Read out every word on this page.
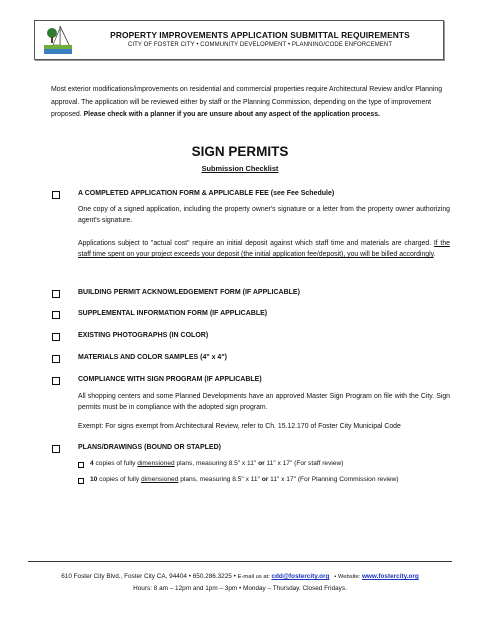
PROPERTY IMPROVEMENTS APPLICATION SUBMITTAL REQUIREMENTS
CITY OF FOSTER CITY • COMMUNITY DEVELOPMENT • PLANNING/CODE ENFORCEMENT
Most exterior modifications/improvements on residential and commercial properties require Architectural Review and/or Planning approval. The application will be reviewed either by staff or the Planning Commission, depending on the type of improvement proposed. Please check with a planner if you are unsure about any aspect of the application process.
SIGN PERMITS
Submission Checklist
A COMPLETED APPLICATION FORM & APPLICABLE FEE (see Fee Schedule)
One copy of a signed application, including the property owner's signature or a letter from the property owner authorizing agent's signature.
Applications subject to "actual cost" require an initial deposit against which staff time and materials are charged. If the staff time spent on your project exceeds your deposit (the initial application fee/deposit), you will be billed accordingly.
BUILDING PERMIT ACKNOWLEDGEMENT FORM (IF APPLICABLE)
SUPPLEMENTAL INFORMATION FORM (IF APPLICABLE)
EXISTING PHOTOGRAPHS (IN COLOR)
MATERIALS AND COLOR SAMPLES (4" x 4")
COMPLIANCE WITH SIGN PROGRAM (IF APPLICABLE)
All shopping centers and some Planned Developments have an approved Master Sign Program on file with the City. Sign permits must be in compliance with the adopted sign program.
Exempt: For signs exempt from Architectural Review, refer to Ch. 15.12.170 of Foster City Municipal Code
PLANS/DRAWINGS (BOUND OR STAPLED)
4 copies of fully dimensioned plans, measuring 8.5" x 11" or 11" x 17" (For staff review)
10 copies of fully dimensioned plans, measuring 8.5" x 11" or 11" x 17" (For Planning Commission review)
610 Foster City Blvd., Foster City CA, 94404 • 650.286.3225 • E-mail us at: cdd@fostercity.org   • Website: www.fostercity.org
Hours: 8 am – 12pm and 1pm – 3pm • Monday – Thursday. Closed Fridays.
